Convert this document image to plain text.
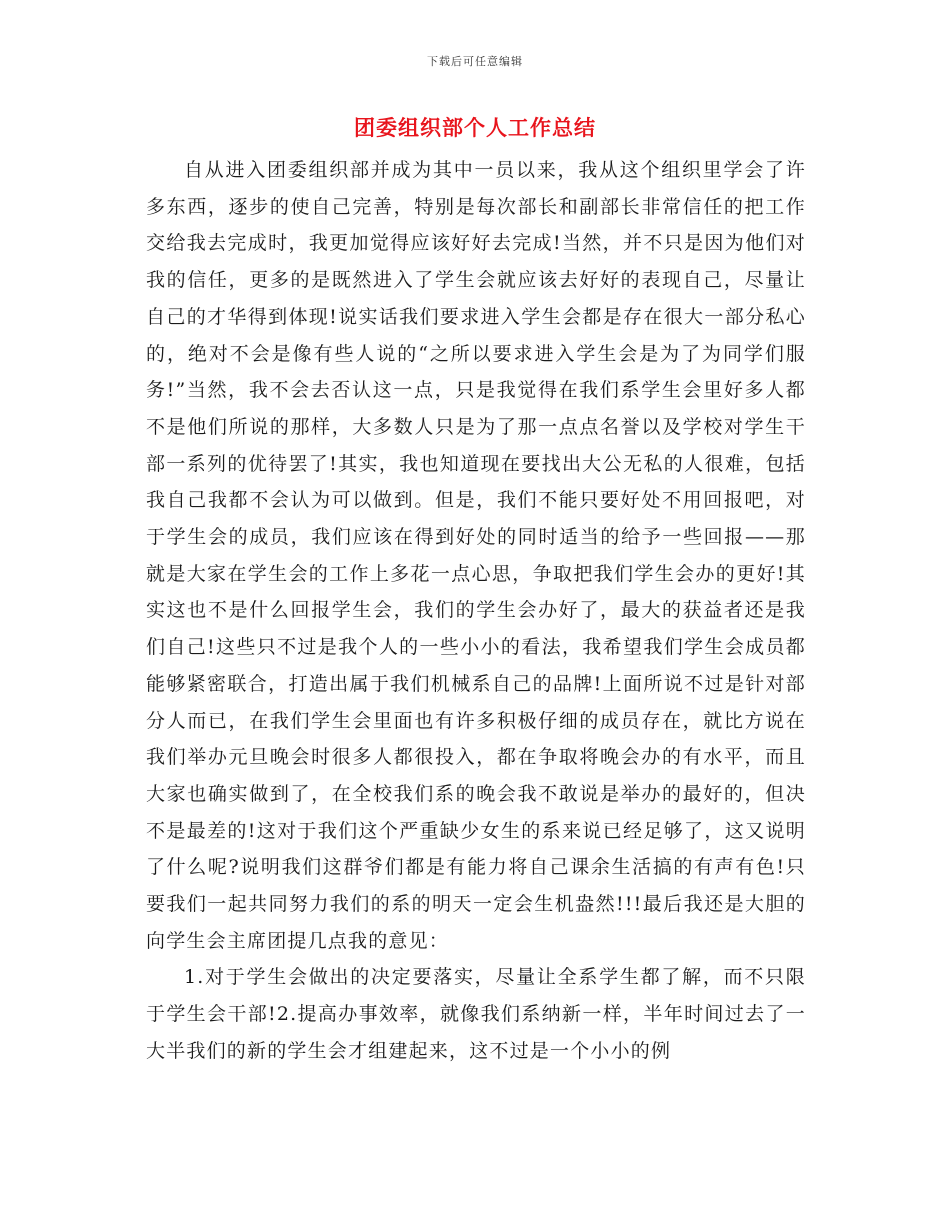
下载后可任意编辑
团委组织部个人工作总结

自从进入团委组织部并成为其中一员以来，我从这个组织里学会了许多东西，逐步的使自己完善，特别是每次部长和副部长非常信任的把工作交给我去完成时，我更加觉得应该好好去完成!当然，并不只是因为他们对我的信任，更多的是既然进入了学生会就应该去好好的表现自己，尽量让自己的才华得到体现!说实话我们要求进入学生会都是存在很大一部分私心的，绝对不会是像有些人说的“之所以要求进入学生会是为了为同学们服务!”当然，我不会去否认这一点，只是我觉得在我们系学生会里好多人都不是他们所说的那样，大多数人只是为了那一点点名誉以及学校对学生干部一系列的优待罢了!其实，我也知道现在要找出大公无私的人很难，包括我自己我都不会认为可以做到。但是，我们不能只要好处不用回报吧，对于学生会的成员，我们应该在得到好处的同时适当的给予一些回报——那就是大家在学生会的工作上多花一点心思，争取把我们学生会办的更好!其实这也不是什么回报学生会，我们的学生会办好了，最大的获益者还是我们自己!这些只不过是我个人的一些小小的看法，我希望我们学生会成员都能够紧密联合，打造出属于我们机械系自己的品牌!上面所说不过是针对部分人而已，在我们学生会里面也有许多积极仔细的成员存在，就比方说在我们举办元旦晚会时很多人都很投入，都在争取将晚会办的有水平，而且大家也确实做到了，在全校我们系的晚会我不敢说是举办的最好的，但决不是最差的!这对于我们这个严重缺少女生的系来说已经足够了，这又说明了什么呢?说明我们这群爷们都是有能力将自己课余生活搞的有声有色!只要我们一起共同努力我们的系的明天一定会生机盎然!!!最后我还是大胆的向学生会主席团提几点我的意见：

1.对于学生会做出的决定要落实，尽量让全系学生都了解，而不只限于学生会干部!2.提高办事效率，就像我们系纳新一样，半年时间过去了一大半我们的新的学生会才组建起来，这不过是一个小小的例
